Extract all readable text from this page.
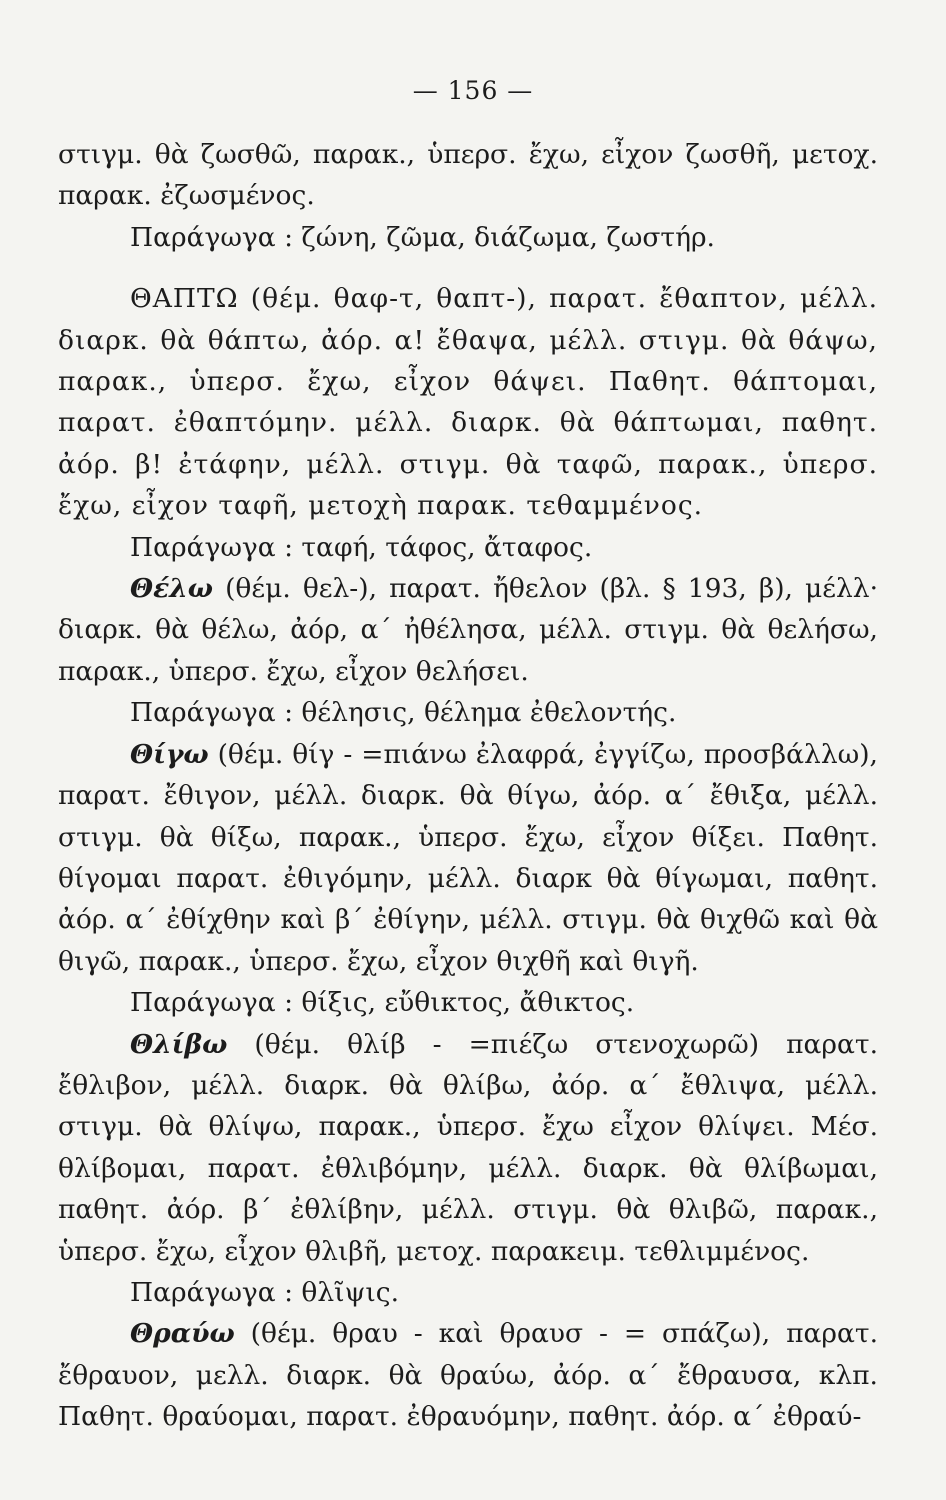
— 156 —

στιγμ. θὰ ζωσθῶ, παρακ., ὑπερσ. ἔχω, εἶχον ζωσθῆ, μετοχ. παρακ. ἐζωσμένος.

Παράγωγα : ζώνη, ζῶμα, διάζωμα, ζωστήρ.

ΘΑΠΤΩ (θέμ. θαφ-τ, θαπτ-), παρατ. ἔθαπτον, μέλλ. διαρκ. θὰ θάπτω, ἀόρ. α! ἔθαψα, μέλλ. στιγμ. θὰ θάψω, παρακ., ὑπερσ. ἔχω, εἶχον θάψει. Παθητ. θάπτομαι, παρατ. ἐθαπτόμην. μέλλ. διαρκ. θὰ θάπτωμαι, παθητ. ἀόρ. β! ἐτάφην, μέλλ. στιγμ. θὰ ταφῶ, παρακ., ὑπερσ. ἔχω, εἶχον ταφῆ, μετοχὴ παρακ. τεθαμμένος.

Παράγωγα : ταφή, τάφος, ἄταφος.

Θέλω (θέμ. θελ-), παρατ. ἤθελον (βλ. § 193, β), μέλλ· διαρκ. θὰ θέλω, ἀόρ, α΄ ἠθέλησα, μέλλ. στιγμ. θὰ θελήσω, παρακ., ὑπερσ. ἔχω, εἶχον θελήσει.

Παράγωγα : θέλησις, θέλημα ἐθελοντής.

Θίγω (θέμ. θίγ - =πιάνω ἐλαφρά, ἐγγίζω, προσβάλλω), παρατ. ἔθιγον, μέλλ. διαρκ. θὰ θίγω, ἀόρ. α΄ ἔθιξα, μέλλ. στιγμ. θὰ θίξω, παρακ., ὑπερσ. ἔχω, εἶχον θίξει. Παθητ. θίγομαι παρατ. ἐθιγόμην, μέλλ. διαρκ θὰ θίγωμαι, παθητ. ἀόρ. α΄ ἐθίχθην καὶ β΄ ἐθίγην, μέλλ. στιγμ. θὰ θιχθῶ καὶ θὰ θιγῶ, παρακ., ὑπερσ. ἔχω, εἶχον θιχθῆ καὶ θιγῆ.

Παράγωγα : θίξις, εὔθικτος, ἄθικτος.

Θλίβω (θέμ. θλίβ - =πιέζω στενοχωρῶ) παρατ. ἔθλιβον, μέλλ. διαρκ. θὰ θλίβω, ἀόρ. α΄ ἔθλιψα, μέλλ. στιγμ. θὰ θλίψω, παρακ., ὑπερσ. ἔχω εἶχον θλίψει. Μέσ. θλίβομαι, παρατ. ἐθλιβόμην, μέλλ. διαρκ. θὰ θλίβωμαι, παθητ. ἀόρ. β΄ ἐθλίβην, μέλλ. στιγμ. θὰ θλιβῶ, παρακ., ὑπερσ. ἔχω, εἶχον θλιβῆ, μετοχ. παρακειμ. τεθλιμμένος.

Παράγωγα : θλῖψις.

Θραύω (θέμ. θραυ - καὶ θραυσ - = σπάζω), παρατ. ἔθραυον, μελλ. διαρκ. θὰ θραύω, ἀόρ. α΄ ἔθραυσα, κλπ. Παθητ. θραύομαι, παρατ. ἐθραυόμην, παθητ. ἀόρ. α΄ ἐθραύ-
